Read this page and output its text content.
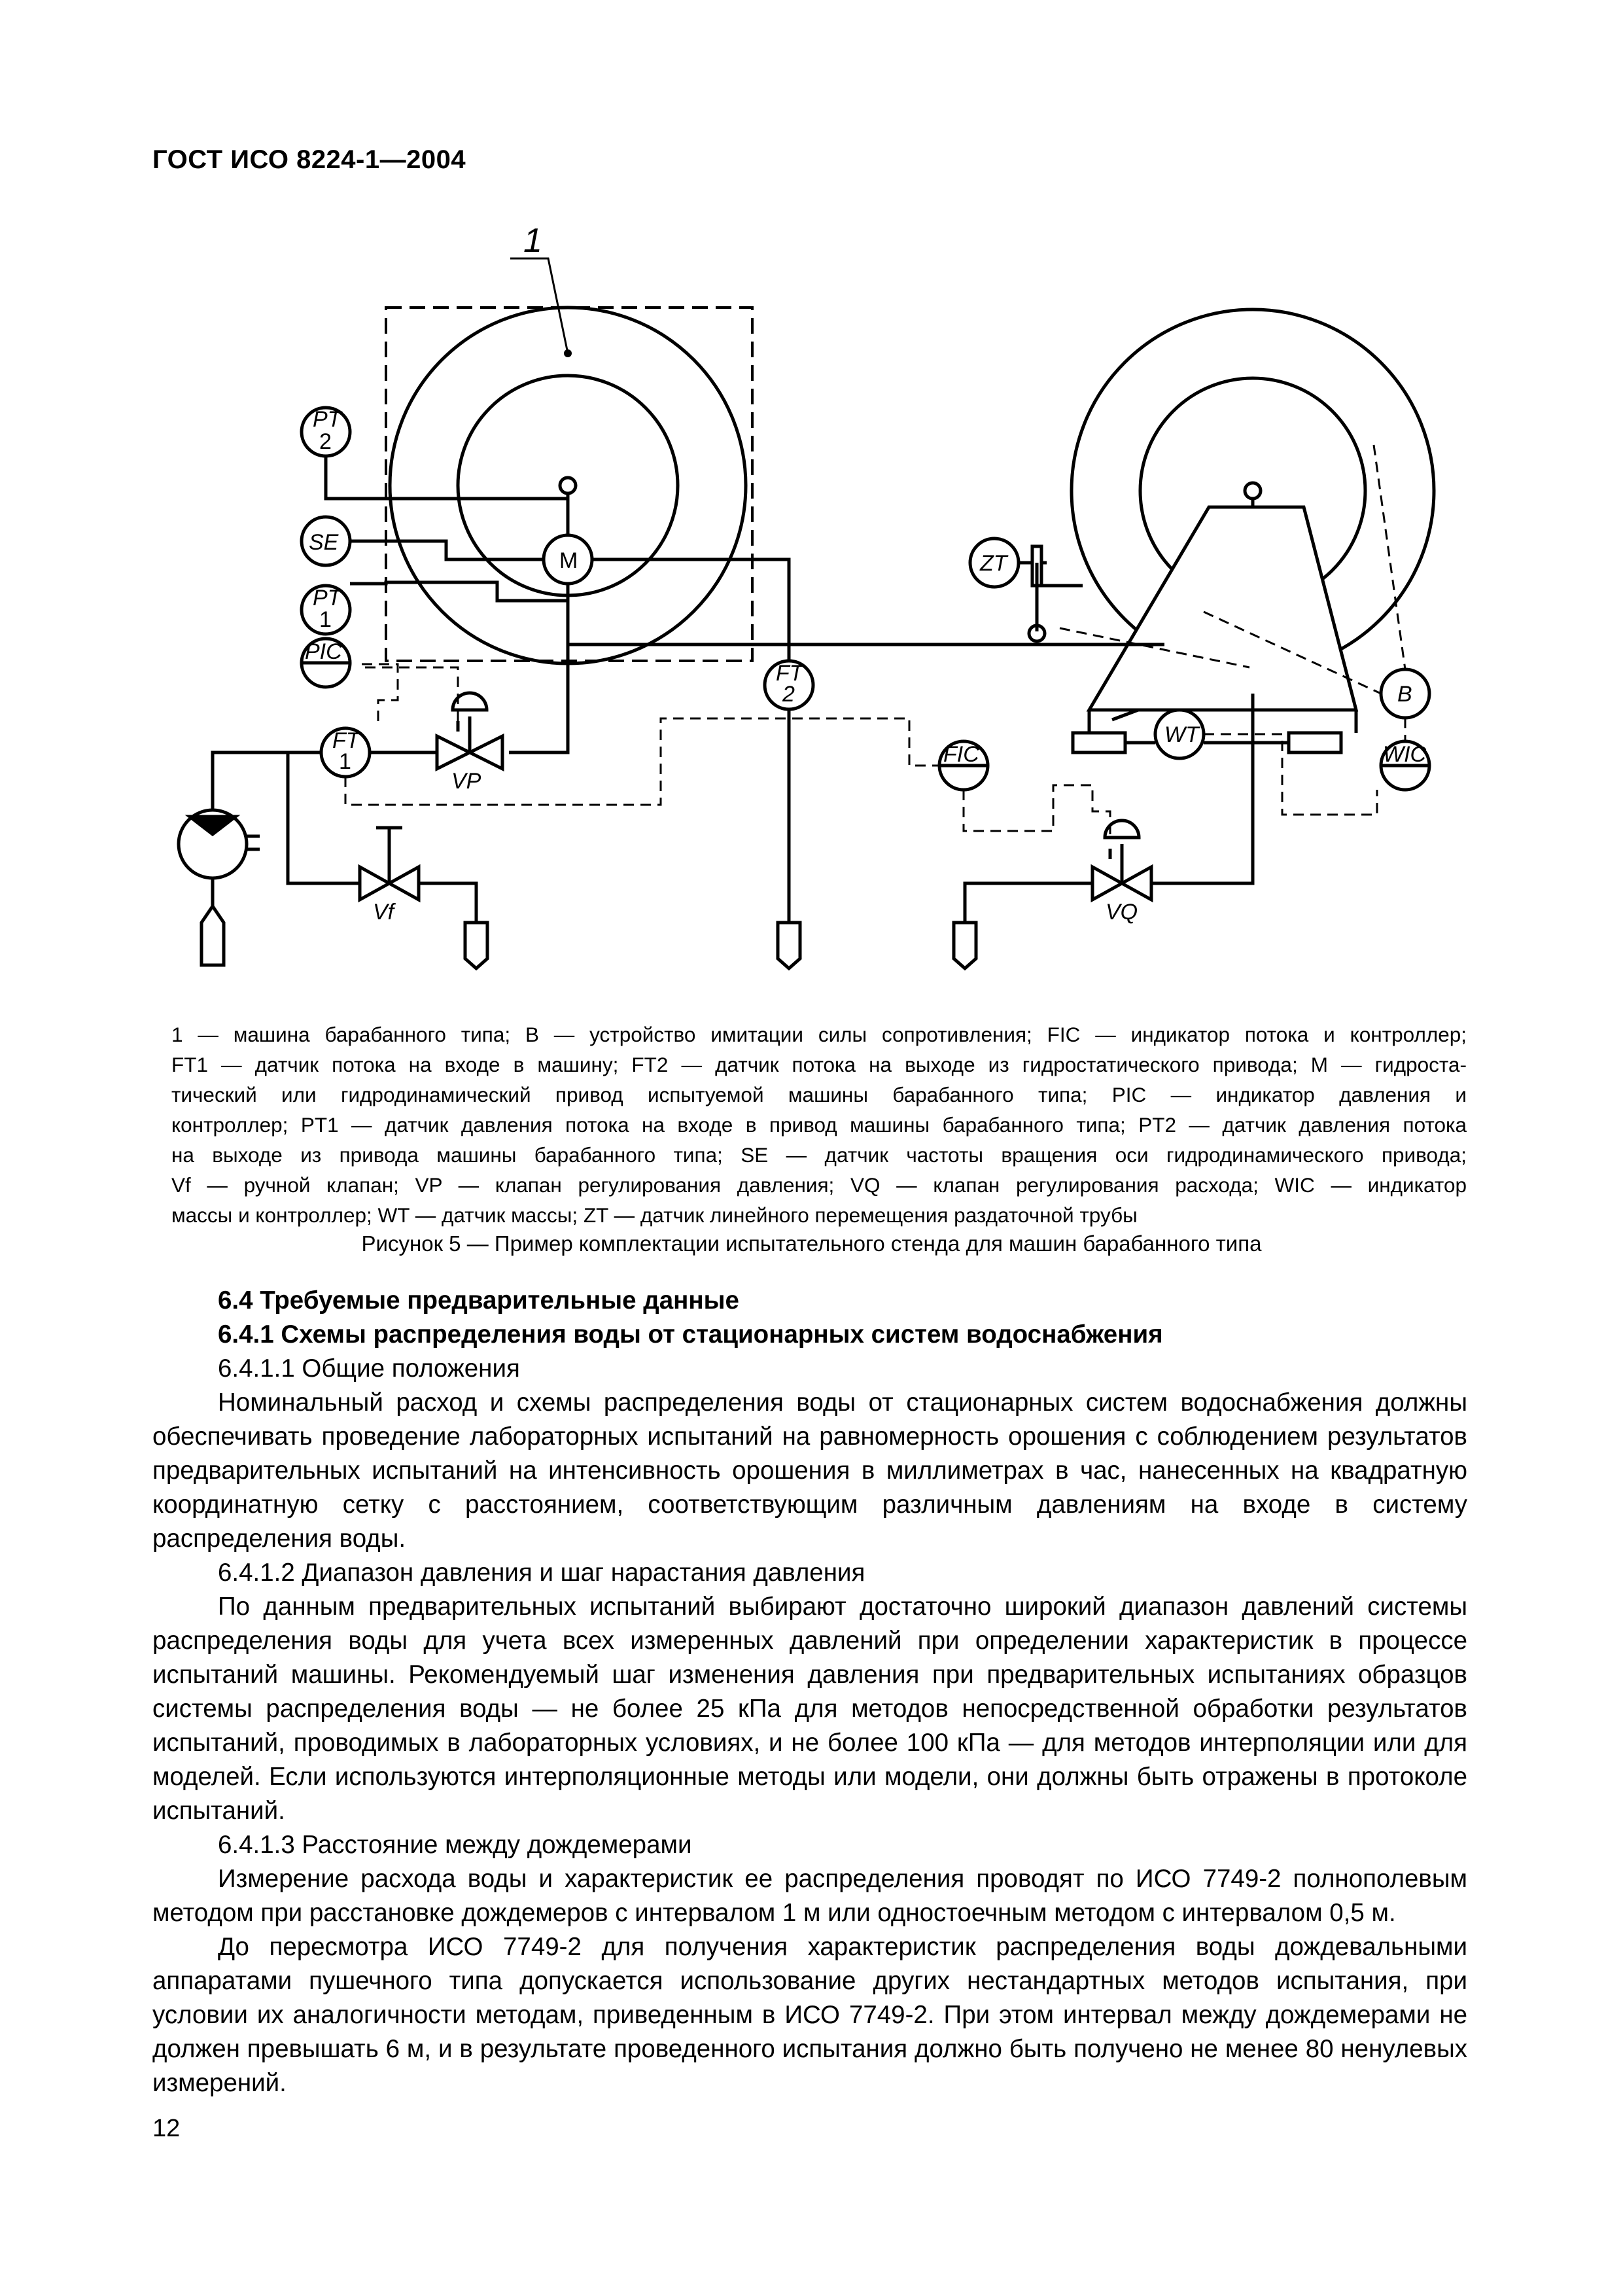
ГОСТ ИСО 8224-1—2004
1
PT
2
SE
PT
1
PIC
FT
1
FT
2
M	ZT
FIC
WT
B
WIC
VP
Vf	VQ
1 — машина барабанного типа; B — устройство имитации силы сопротивления; FIC — индикатор потока и контроллер;
FT1 — датчик потока на входе в машину; FT2 — датчик потока на выходе из гидростатического привода; M — гидроста-
тический или гидродинамический привод испытуемой машины барабанного типа; PIC — индикатор давления и
контроллер; PT1 — датчик давления потока на входе в привод машины барабанного типа; PT2 — датчик давления потока
на выходе из привода машины барабанного типа; SE — датчик частоты вращения оси гидродинамического привода;
Vf — ручной клапан; VP — клапан регулирования давления; VQ — клапан регулирования расхода; WIC — индикатор
массы и контроллер; WT — датчик массы; ZT — датчик линейного перемещения раздаточной трубы
Рисунок 5 — Пример комплектации испытательного стенда для машин барабанного типа
6.4 Требуемые предварительные данные
6.4.1 Схемы распределения воды от стационарных систем водоснабжения
6.4.1.1 Общие положения
Номинальный расход и схемы распределения воды от стационарных систем водоснабжения должны обеспечивать проведение лабораторных испытаний на равномерность орошения с соблюдением результатов предварительных испытаний на интенсивность орошения в миллиметрах в час, нанесенных на квадратную координатную сетку с расстоянием, соответствующим различным давлениям на входе в систему распределения воды.
6.4.1.2 Диапазон давления и шаг нарастания давления
По данным предварительных испытаний выбирают достаточно широкий диапазон давлений системы распределения воды для учета всех измеренных давлений при определении характеристик в процессе испытаний машины. Рекомендуемый шаг изменения давления при предварительных испытаниях образцов системы распределения воды — не более 25 кПа для методов непосредственной обработки результатов испытаний, проводимых в лабораторных условиях, и не более 100 кПа — для методов интерполяции или для моделей. Если используются интерполяционные методы или модели, они должны быть отражены в протоколе испытаний.
6.4.1.3 Расстояние между дождемерами
Измерение расхода воды и характеристик ее распределения проводят по ИСО 7749-2 полнополевым методом при расстановке дождемеров с интервалом 1 м или одностоечным методом с интервалом 0,5 м.
До пересмотра ИСО 7749-2 для получения характеристик распределения воды дождевальными аппаратами пушечного типа допускается использование других нестандартных методов испытания, при условии их аналогичности методам, приведенным в ИСО 7749-2. При этом интервал между дождемерами не должен превышать 6 м, и в результате проведенного испытания должно быть получено не менее 80 ненулевых измерений.
12
